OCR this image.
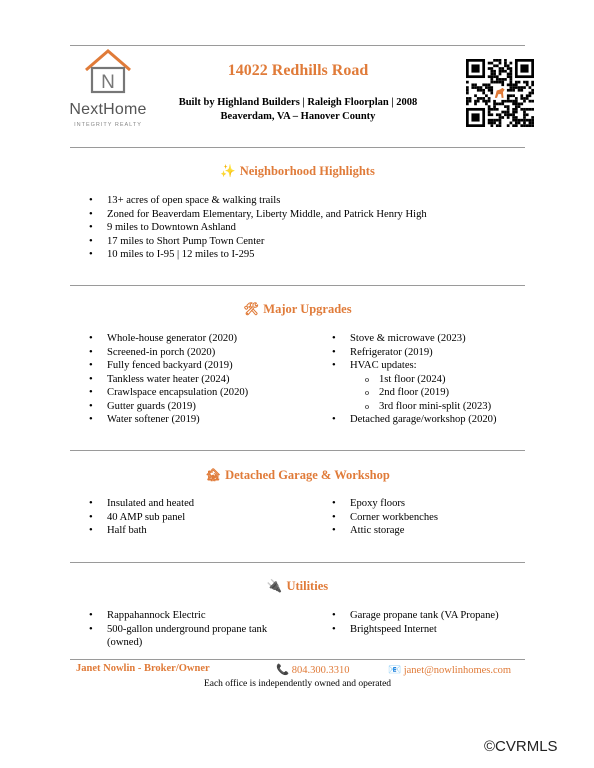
N
NextHome
INTEGRITY REALTY
14022 Redhills Road
Built by Highland Builders | Raleigh Floorplan | 2008
Beaverdam, VA – Hanover County
✨ Neighborhood Highlights
• 13+ acres of open space & walking trails
• Zoned for Beaverdam Elementary, Liberty Middle, and Patrick Henry High
• 9 miles to Downtown Ashland
• 17 miles to Short Pump Town Center
• 10 miles to I-95 | 12 miles to I-295
🛠 Major Upgrades
• Whole-house generator (2020)
• Screened-in porch (2020)
• Fully fenced backyard (2019)
• Tankless water heater (2024)
• Crawlspace encapsulation (2020)
• Gutter guards (2019)
• Water softener (2019)
• Stove & microwave (2023)
• Refrigerator (2019)
• HVAC updates:
o 1st floor (2024)
o 2nd floor (2019)
o 3rd floor mini-split (2023)
• Detached garage/workshop (2020)
🏚 Detached Garage & Workshop
• Insulated and heated
• 40 AMP sub panel
• Half bath
• Epoxy floors
• Corner workbenches
• Attic storage
🔌 Utilities
• Rappahannock Electric
• 500-gallon underground propane tank (owned)
• Garage propane tank (VA Propane)
• Brightspeed Internet
Janet Nowlin - Broker/Owner	📞 804.300.3310	📧 janet@nowlinhomes.com
Each office is independently owned and operated
©CVRMLS
